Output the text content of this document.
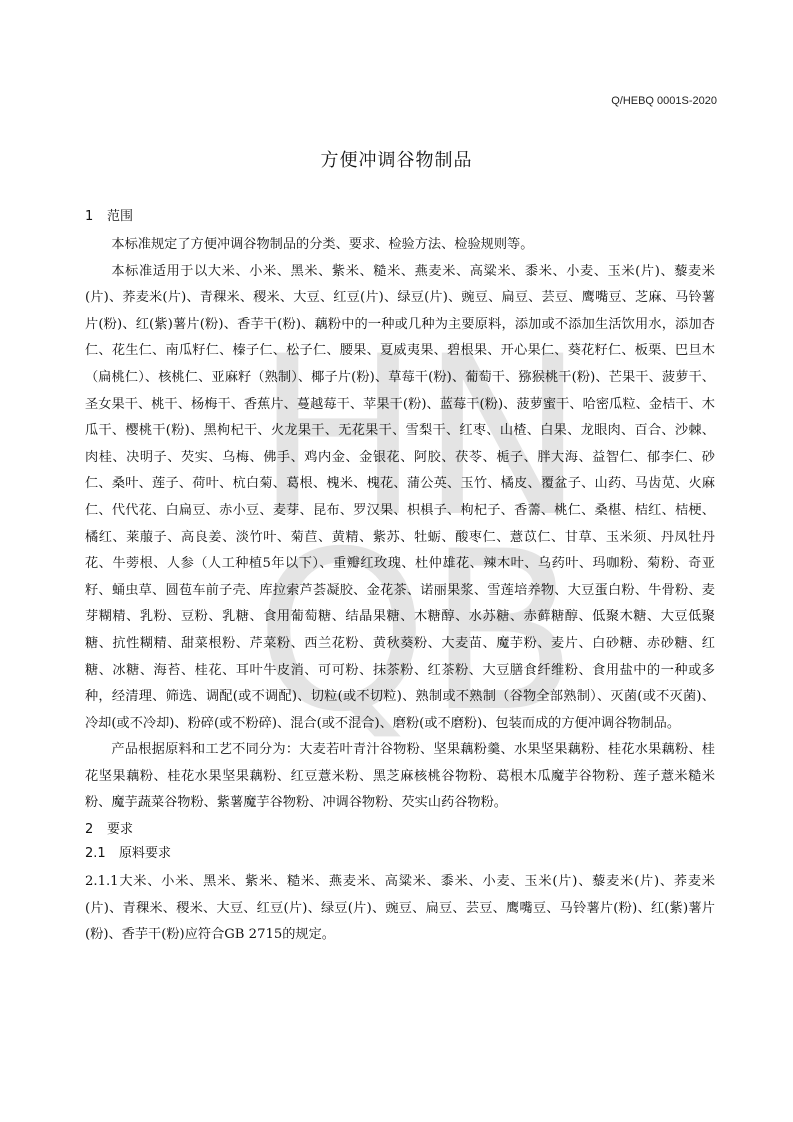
H N
Q
B
Q/HEBQ 0001S-2020
方便冲调谷物制品
1 范围

本标准规定了方便冲调谷物制品的分类、要求、检验方法、检验规则等。

本标准适用于以大米、小米、黑米、紫米、糙米、燕麦米、高粱米、黍米、小麦、玉米(片)、藜麦米(片)、荞麦米(片)、青稞米、稷米、大豆、红豆(片)、绿豆(片)、豌豆、扁豆、芸豆、鹰嘴豆、芝麻、马铃薯片(粉)、红(紫)薯片(粉)、香芋干(粉)、藕粉中的一种或几种为主要原料，添加或不添加生活饮用水，添加杏仁、花生仁、南瓜籽仁、榛子仁、松子仁、腰果、夏威夷果、碧根果、开心果仁、葵花籽仁、板栗、巴旦木（扁桃仁）、核桃仁、亚麻籽（熟制）、椰子片(粉)、草莓干(粉)、葡萄干、猕猴桃干(粉)、芒果干、菠萝干、圣女果干、桃干、杨梅干、香蕉片、蔓越莓干、苹果干(粉)、蓝莓干(粉)、菠萝蜜干、哈密瓜粒、金桔干、木瓜干、樱桃干(粉)、黑枸杞干、火龙果干、无花果干、雪梨干、红枣、山楂、白果、龙眼肉、百合、沙棘、肉桂、决明子、芡实、乌梅、佛手、鸡内金、金银花、阿胶、茯苓、栀子、胖大海、益智仁、郁李仁、砂仁、桑叶、莲子、荷叶、杭白菊、葛根、槐米、槐花、蒲公英、玉竹、橘皮、覆盆子、山药、马齿苋、火麻仁、代代花、白扁豆、赤小豆、麦芽、昆布、罗汉果、枳椇子、枸杞子、香薷、桃仁、桑椹、桔红、桔梗、橘红、莱菔子、高良姜、淡竹叶、菊苣、黄精、紫苏、牡蛎、酸枣仁、薏苡仁、甘草、玉米须、丹凤牡丹花、牛蒡根、人参（人工种植5年以下）、重瓣红玫瑰、杜仲雄花、辣木叶、乌药叶、玛咖粉、菊粉、奇亚籽、蛹虫草、圆苞车前子壳、库拉索芦荟凝胶、金花茶、诺丽果浆、雪莲培养物、大豆蛋白粉、牛骨粉、麦芽糊精、乳粉、豆粉、乳糖、食用葡萄糖、结晶果糖、木糖醇、水苏糖、赤藓糖醇、低聚木糖、大豆低聚糖、抗性糊精、甜菜根粉、芹菜粉、西兰花粉、黄秋葵粉、大麦苗、魔芋粉、麦片、白砂糖、赤砂糖、红糖、冰糖、海苔、桂花、耳叶牛皮消、可可粉、抹茶粉、红茶粉、大豆膳食纤维粉、食用盐中的一种或多种，经清理、筛选、调配(或不调配)、切粒(或不切粒)、熟制或不熟制（谷物全部熟制）、灭菌(或不灭菌)、冷却(或不冷却)、粉碎(或不粉碎)、混合(或不混合)、磨粉(或不磨粉)、包装而成的方便冲调谷物制品。

产品根据原料和工艺不同分为：大麦若叶青汁谷物粉、坚果藕粉羹、水果坚果藕粉、桂花水果藕粉、桂花坚果藕粉、桂花水果坚果藕粉、红豆薏米粉、黑芝麻核桃谷物粉、葛根木瓜魔芋谷物粉、莲子薏米糙米粉、魔芋蔬菜谷物粉、紫薯魔芋谷物粉、冲调谷物粉、芡实山药谷物粉。

2 要求
2.1 原料要求

2.1.1大米、小米、黑米、紫米、糙米、燕麦米、高粱米、黍米、小麦、玉米(片)、藜麦米(片)、荞麦米(片)、青稞米、稷米、大豆、红豆(片)、绿豆(片)、豌豆、扁豆、芸豆、鹰嘴豆、马铃薯片(粉)、红(紫)薯片(粉)、香芋干(粉)应符合GB 2715的规定。
